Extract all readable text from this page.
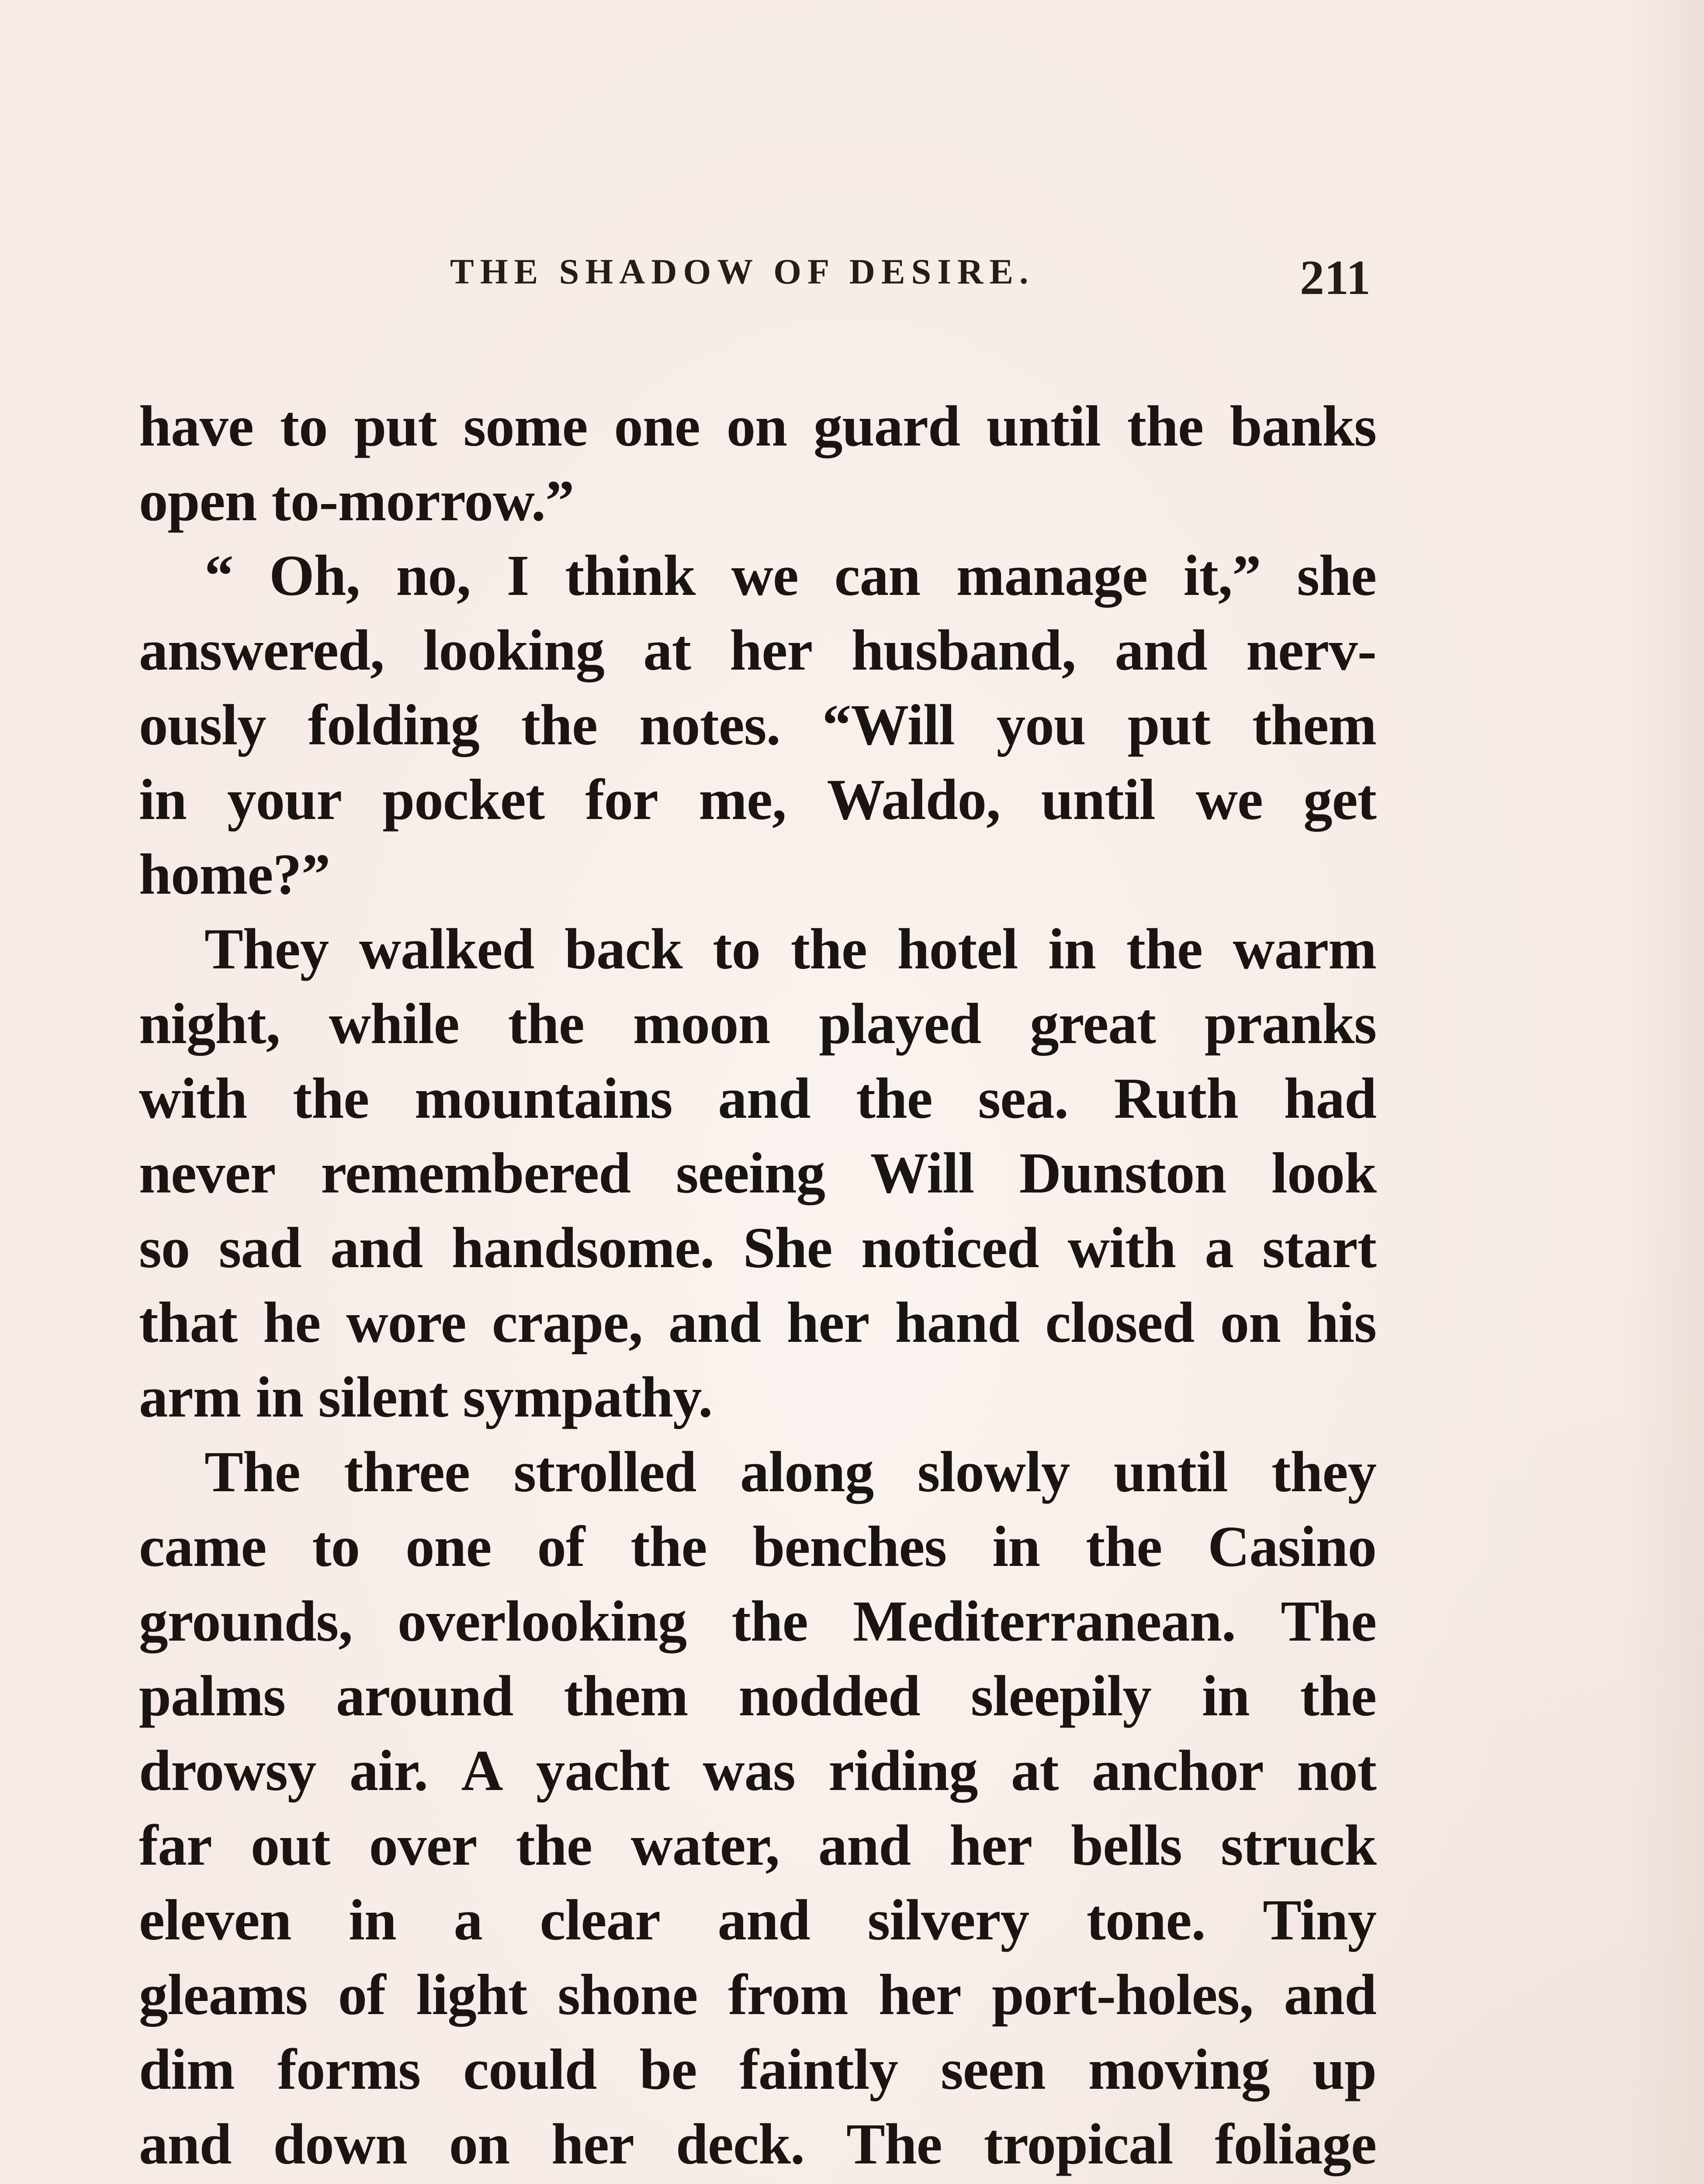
THE SHADOW OF DESIRE.	211
have to put some one on guard until the banks
open to-morrow.”
“ Oh, no, I think we can manage it,” she
answered, looking at her husband, and nerv-
ously folding the notes. “Will you put them
in your pocket for me, Waldo, until we get
home?”
They walked back to the hotel in the warm
night, while the moon played great pranks
with the mountains and the sea. Ruth had
never remembered seeing Will Dunston look
so sad and handsome. She noticed with a start
that he wore crape, and her hand closed on his
arm in silent sympathy.
The three strolled along slowly until they
came to one of the benches in the Casino
grounds, overlooking the Mediterranean. The
palms around them nodded sleepily in the
drowsy air. A yacht was riding at anchor not
far out over the water, and her bells struck
eleven in a clear and silvery tone. Tiny
gleams of light shone from her port-holes, and
dim forms could be faintly seen moving up
and down on her deck. The tropical foliage
